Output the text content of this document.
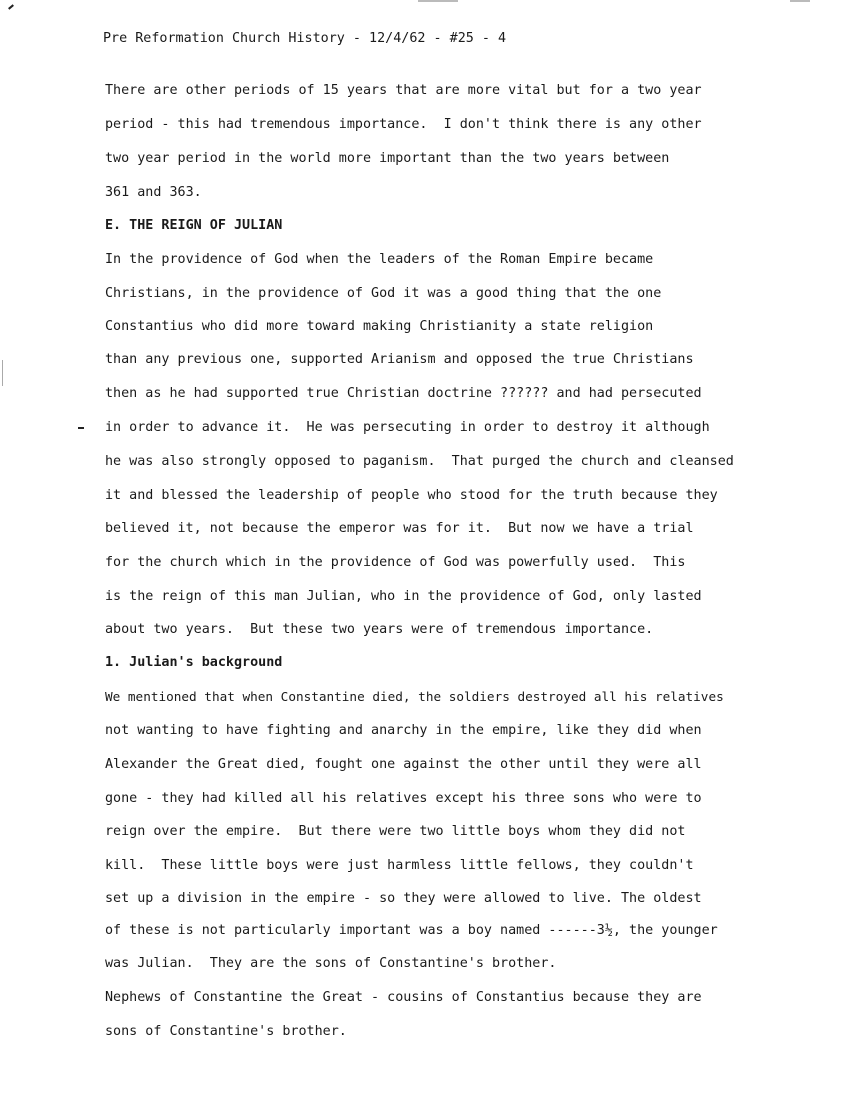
Pre Reformation Church History - 12/4/62 - #25 - 4
There are other periods of 15 years that are more vital but for a two year
period - this had tremendous importance.  I don't think there is any other
two year period in the world more important than the two years between
361 and 363.
E. THE REIGN OF JULIAN
In the providence of God when the leaders of the Roman Empire became
Christians, in the providence of God it was a good thing that the one
Constantius who did more toward making Christianity a state religion
than any previous one, supported Arianism and opposed the true Christians
then as he had supported true Christian doctrine ?????? and had persecuted
in order to advance it.  He was persecuting in order to destroy it although
he was also strongly opposed to paganism.  That purged the church and cleansed
it and blessed the leadership of people who stood for the truth because they
believed it, not because the emperor was for it.  But now we have a trial
for the church which in the providence of God was powerfully used.  This
is the reign of this man Julian, who in the providence of God, only lasted
about two years.  But these two years were of tremendous importance.
1. Julian's background
We mentioned that when Constantine died, the soldiers destroyed all his relatives
not wanting to have fighting and anarchy in the empire, like they did when
Alexander the Great died, fought one against the other until they were all
gone - they had killed all his relatives except his three sons who were to
reign over the empire.  But there were two little boys whom they did not
kill.  These little boys were just harmless little fellows, they couldn't
set up a division in the empire - so they were allowed to live. The oldest
of these is not particularly important was a boy named ------3½, the younger
was Julian.  They are the sons of Constantine's brother.
Nephews of Constantine the Great - cousins of Constantius because they are
sons of Constantine's brother.
